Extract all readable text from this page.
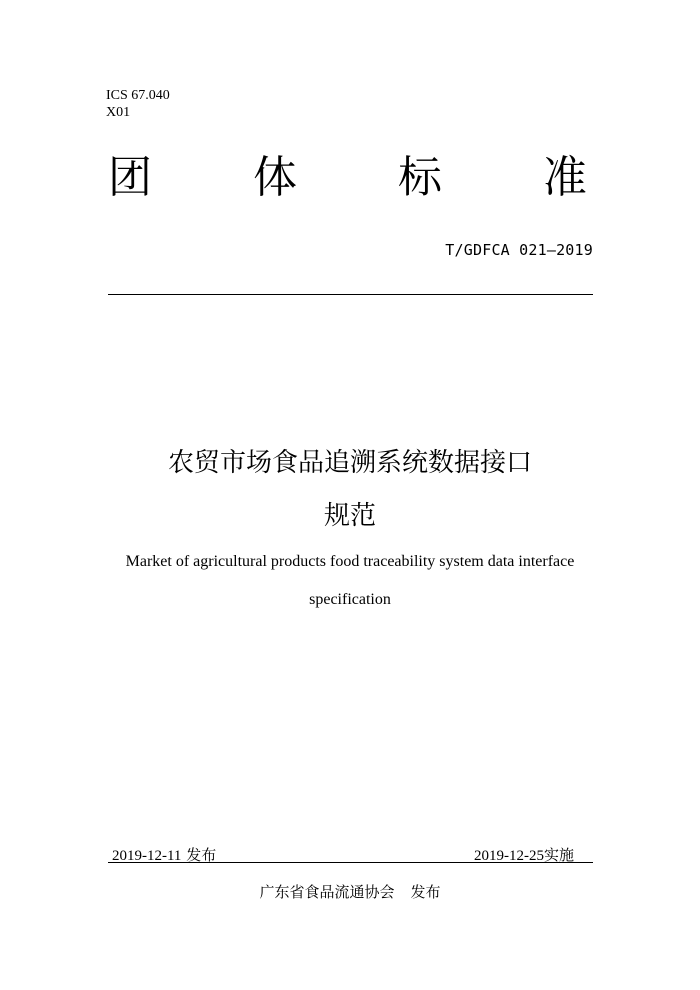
ICS 67.040
X01
团 体 标 准
T/GDFCA 021—2019
农贸市场食品追溯系统数据接口
规范
Market of agricultural products food traceability system data interface
specification
2019-12-11 发布	2019-12-25实施
广东省食品流通协会 发布
